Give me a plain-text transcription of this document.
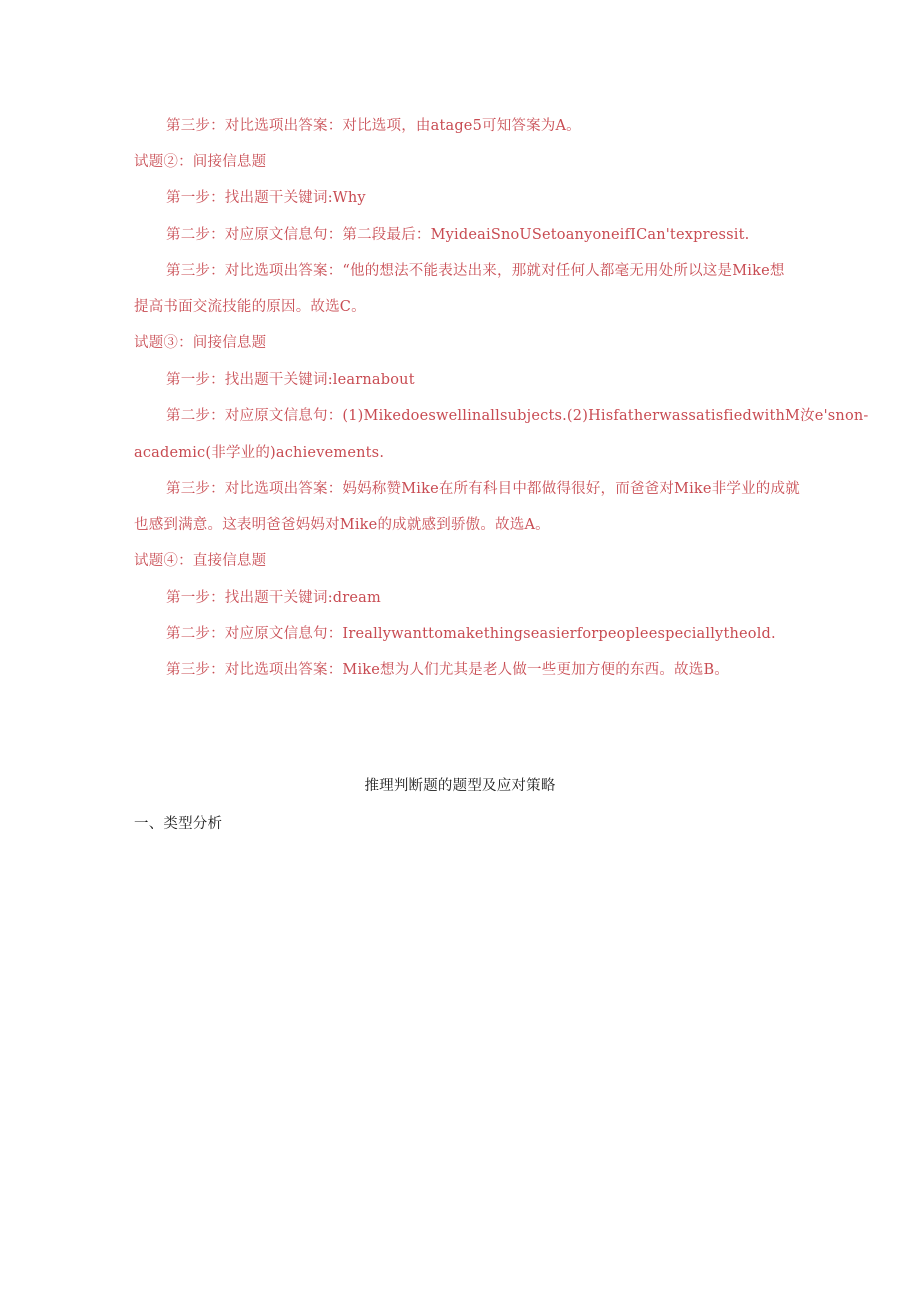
第三步：对比选项出答案：对比选项，由atage5可知答案为A。
试题②：间接信息题
第一步：找出题干关键词:Why
第二步：对应原文信息句：第二段最后：MyideaiSnoUSetoanyoneifICan'texpressit.
第三步：对比选项出答案：“他的想法不能表达出来，那就对任何人都毫无用处所以这是Mike想
提高书面交流技能的原因。故选C。
试题③：间接信息题
第一步：找出题干关键词:learnabout
第二步：对应原文信息句：(1)Mikedoeswellinallsubjects.(2)HisfatherwassatisfiedwithM汝e'snon-
academic(非学业的)achievements.
第三步：对比选项出答案：妈妈称赞Mike在所有科目中都做得很好，而爸爸对Mike非学业的成就
也感到满意。这表明爸爸妈妈对Mike的成就感到骄傲。故选A。
试题④：直接信息题
第一步：找出题干关键词:dream
第二步：对应原文信息句：Ireallywanttomakethingseasierforpeopleespeciallytheold.
第三步：对比选项出答案：Mike想为人们尤其是老人做一些更加方便的东西。故选B。
推理判断题的题型及应对策略
一、类型分析
